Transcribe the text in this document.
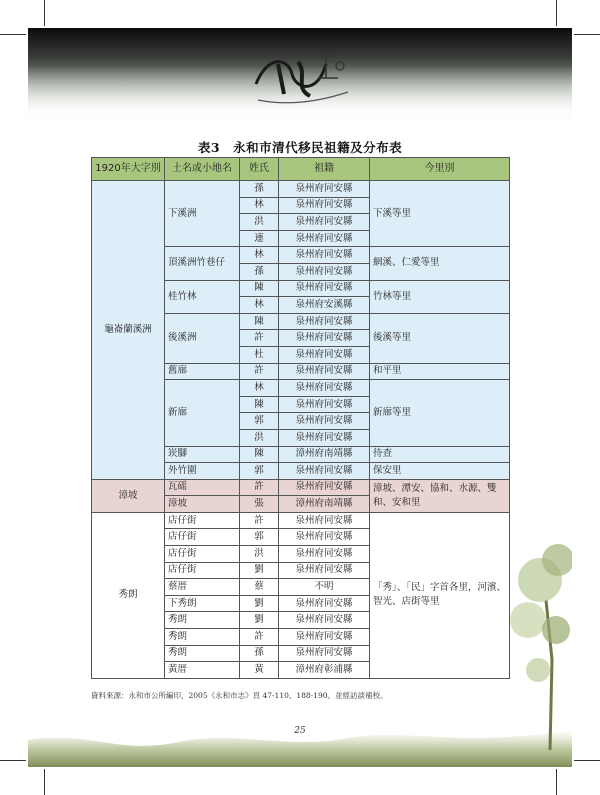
表3　永和市清代移民祖籍及分布表
1920年大字別	土名或小地名	姓氏	祖籍	今里別
龜崙蘭溪洲	下溪洲	孫	泉州府同安縣	下溪等里
		林	泉州府同安縣	
		洪	泉州府同安縣	
		連	泉州府同安縣	
	頂溪洲竹巷仔	林	泉州府同安縣	網溪、仁愛等里
		孫	泉州府同安縣	
	桂竹林	陳	泉州府同安縣	竹林等里
		林	泉州府安溪縣	
	後溪洲	陳	泉州府同安縣	後溪等里
		許	泉州府同安縣	
		杜	泉州府同安縣	
	舊廍	許	泉州府同安縣	和平里
	新廍	林	泉州府同安縣	新廍等里
		陳	泉州府同安縣	
		郭	泉州府同安縣	
		洪	泉州府同安縣	
	崁腳	陳	漳州府南靖縣	待查
	外竹圍	郭	泉州府同安縣	保安里
漳坡	瓦磘	許	泉州府同安縣	漳坡、潭安、協和、水源、雙和、安和里
	漳坡	張	漳州府南靖縣	
秀朗	店仔街	許	泉州府同安縣	「秀」、「民」字首各里，河濱、智光、店街等里
	店仔街	郭	泉州府同安縣	
	店仔街	洪	泉州府同安縣	
	店仔街	劉	泉州府同安縣	
	蔡厝	蔡	不明	
	下秀朗	劉	泉州府同安縣	
	秀朗	劉	泉州府同安縣	
	秀朗	許	泉州府同安縣	
	秀朗	孫	泉州府同安縣	
	黃厝	黃	漳州府彰浦縣	
資料來源：永和市公所編印，2005《永和市志》頁 47-110、188-190。並經訪談補校。
25
